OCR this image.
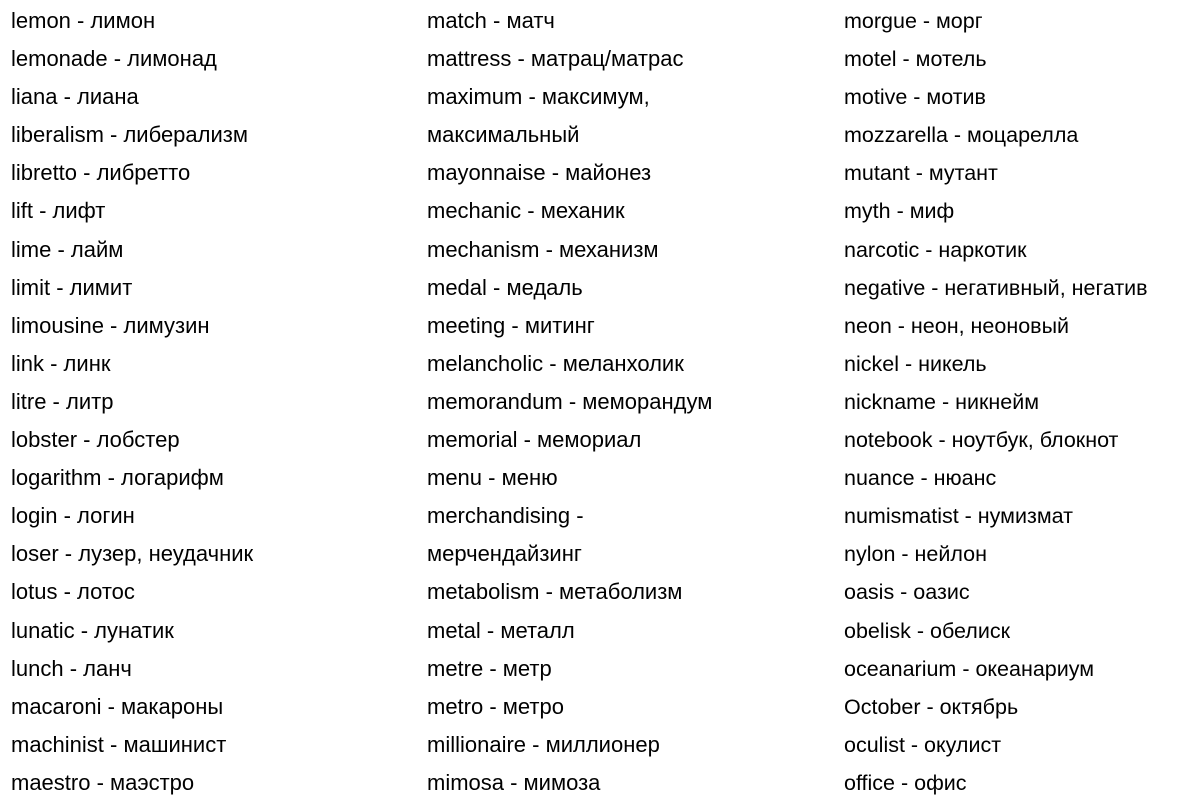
lemon - лимон
lemonade - лимонад
liana - лиана
liberalism - либерализм
libretto - либретто
lift - лифт
lime - лайм
limit - лимит
limousine - лимузин
link - линк
litre - литр
lobster - лобстер
logarithm - логарифм
login - логин
loser - лузер, неудачник
lotus - лотос
lunatic - лунатик
lunch - ланч
macaroni - макароны
machinist - машинист
maestro - маэстро
match - матч
mattress - матрац/матрас
maximum - максимум,
максимальный
mayonnaise - майонез
mechanic - механик
mechanism - механизм
medal - медаль
meeting - митинг
melancholic - меланхолик
memorandum - меморандум
memorial - мемориал
menu - меню
merchandising -
мерчендайзинг
metabolism - метаболизм
metal - металл
metre - метр
metro - метро
millionaire - миллионер
mimosa - мимоза
morgue - морг
motel - мотель
motive - мотив
mozzarella - моцарелла
mutant - мутант
myth - миф
narcotic - наркотик
negative - негативный, негатив
neon - неон, неоновый
nickel - никель
nickname - никнейм
notebook - ноутбук, блокнот
nuance - нюанс
numismatist - нумизмат
nylon - нейлон
oasis - оазис
obelisk - обелиск
oceanarium - океанариум
October - октябрь
oculist - окулист
office - офис
